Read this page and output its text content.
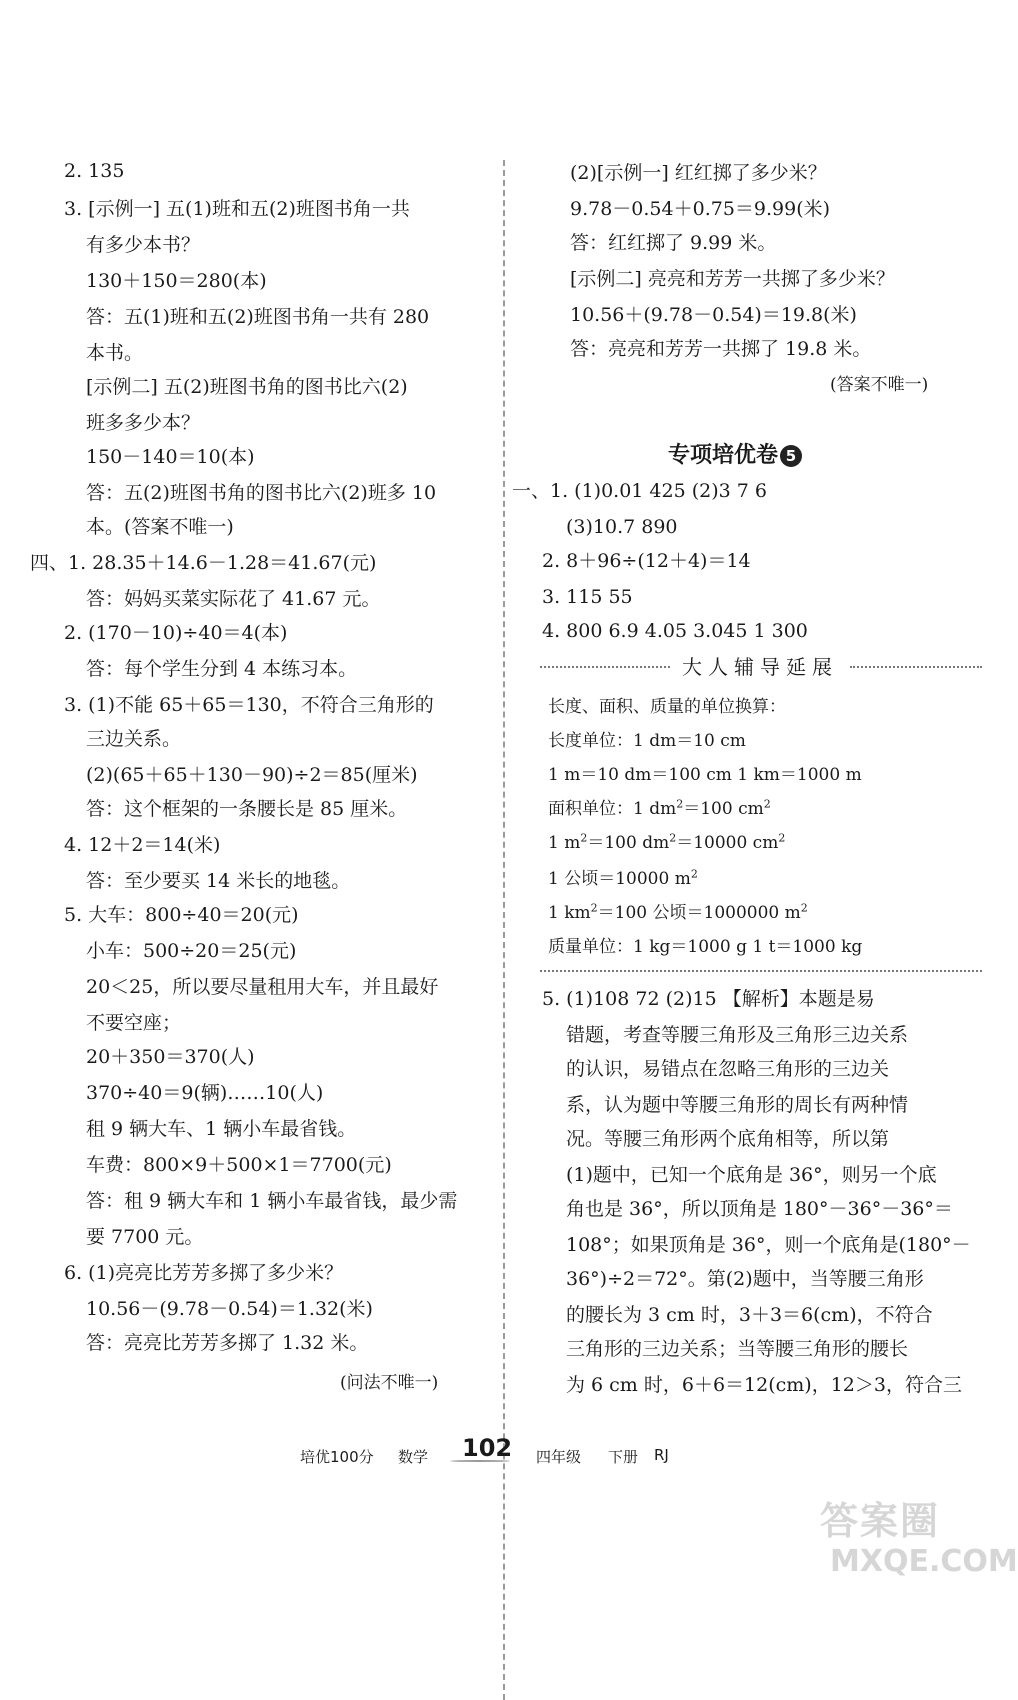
2. 135
3. [示例一] 五(1)班和五(2)班图书角一共
有多少本书？
130＋150＝280(本)
答：五(1)班和五(2)班图书角一共有 280
本书。
[示例二] 五(2)班图书角的图书比六(2)
班多多少本？
150－140＝10(本)
答：五(2)班图书角的图书比六(2)班多 10
本。(答案不唯一)
四、1. 28.35＋14.6－1.28＝41.67(元)
答：妈妈买菜实际花了 41.67 元。
2. (170－10)÷40＝4(本)
答：每个学生分到 4 本练习本。
3. (1)不能 65＋65＝130，不符合三角形的
三边关系。
(2)(65＋65＋130－90)÷2＝85(厘米)
答：这个框架的一条腰长是 85 厘米。
4. 12＋2＝14(米)
答：至少要买 14 米长的地毯。
5. 大车：800÷40＝20(元)
小车：500÷20＝25(元)
20＜25，所以要尽量租用大车，并且最好
不要空座；
20＋350＝370(人)
370÷40＝9(辆)……10(人)
租 9 辆大车、1 辆小车最省钱。
车费：800×9＋500×1＝7700(元)
答：租 9 辆大车和 1 辆小车最省钱，最少需
要 7700 元。
6. (1)亮亮比芳芳多掷了多少米？
10.56－(9.78－0.54)＝1.32(米)
答：亮亮比芳芳多掷了 1.32 米。
(问法不唯一)
(2)[示例一] 红红掷了多少米？
9.78－0.54＋0.75＝9.99(米)
答：红红掷了 9.99 米。
[示例二] 亮亮和芳芳一共掷了多少米？
10.56＋(9.78－0.54)＝19.8(米)
答：亮亮和芳芳一共掷了 19.8 米。
(答案不唯一)
专项培优卷 5
一、1. (1)0.01 425 (2)3 7 6
(3)10.7 890
2. 8＋96÷(12＋4)＝14
3. 115 55
4. 800 6.9 4.05 3.045 1 300
大人辅导延展
长度、面积、质量的单位换算：
长度单位：1 dm＝10 cm
1 m＝10 dm＝100 cm 1 km＝1000 m
面积单位：1 $dm^2=100$ $cm^2$
1 $m^2=100$ $dm^2=10000$ $cm^2$
1 公顷＝10000 $m^2$
1 $km^2=100$ 公顷＝1000000 $m^2$
质量单位：1 kg＝1000 g 1 t＝1000 kg
5. (1)108 72 (2)15 【解析】本题是易
错题，考查等腰三角形及三角形三边关系
的认识，易错点在忽略三角形的三边关
系，认为题中等腰三角形的周长有两种情
况。等腰三角形两个底角相等，所以第
(1)题中，已知一个底角是 36°，则另一个底
角也是 36°，所以顶角是 180°－36°－36°＝
108°；如果顶角是 36°，则一个底角是(180°－
36°)÷2＝72°。第(2)题中，当等腰三角形
的腰长为 3 cm 时，3＋3＝6(cm)，不符合
三角形的三边关系；当等腰三角形的腰长
为 6 cm 时，6＋6＝12(cm)，12＞3，符合三
培优100分 数学 102 四年级 下册 RJ
答案圈
MXQE.COM
